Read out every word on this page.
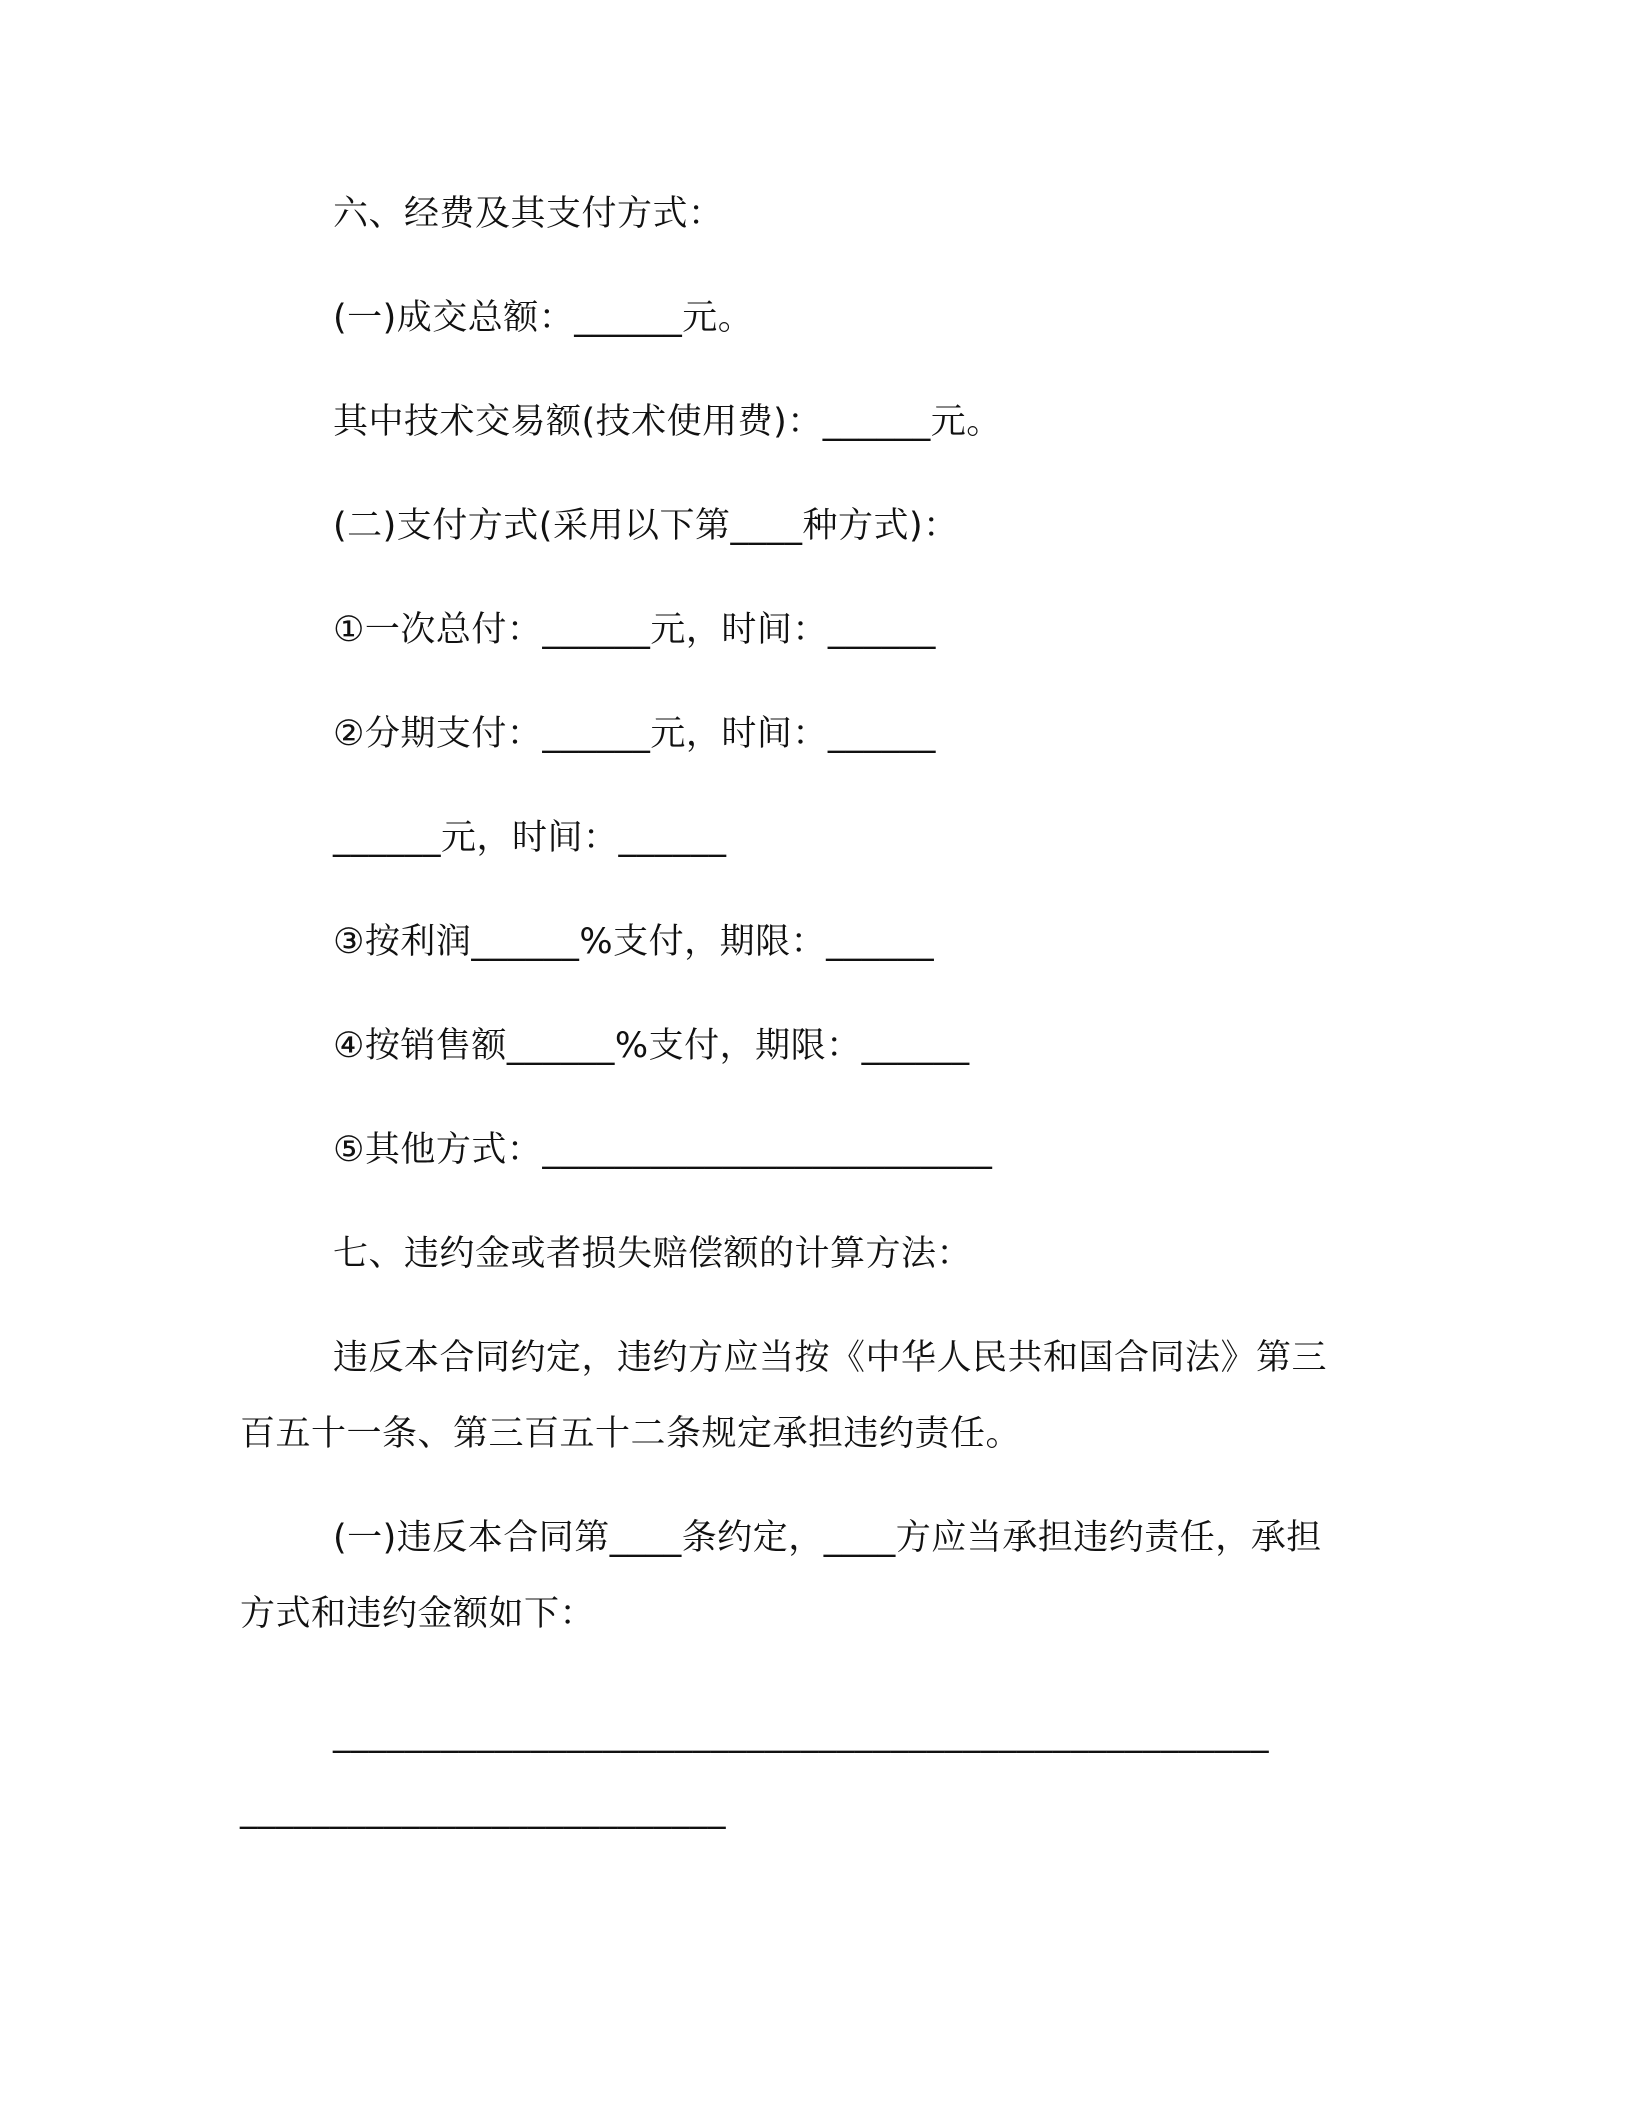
六、经费及其支付方式：
(一)成交总额：______元。
其中技术交易额(技术使用费)：______元。
(二)支付方式(采用以下第____种方式)：
①一次总付：______元，时间：______
②分期支付：______元，时间：______
______元，时间：______
③按利润______%支付，期限：______
④按销售额______%支付，期限：______
⑤其他方式：_________________________
七、违约金或者损失赔偿额的计算方法：
违反本合同约定，违约方应当按《中华人民共和国合同法》第三
百五十一条、第三百五十二条规定承担违约责任。
(一)违反本合同第____条约定，____方应当承担违约责任，承担
方式和违约金额如下：
____________________________________________________
___________________________
